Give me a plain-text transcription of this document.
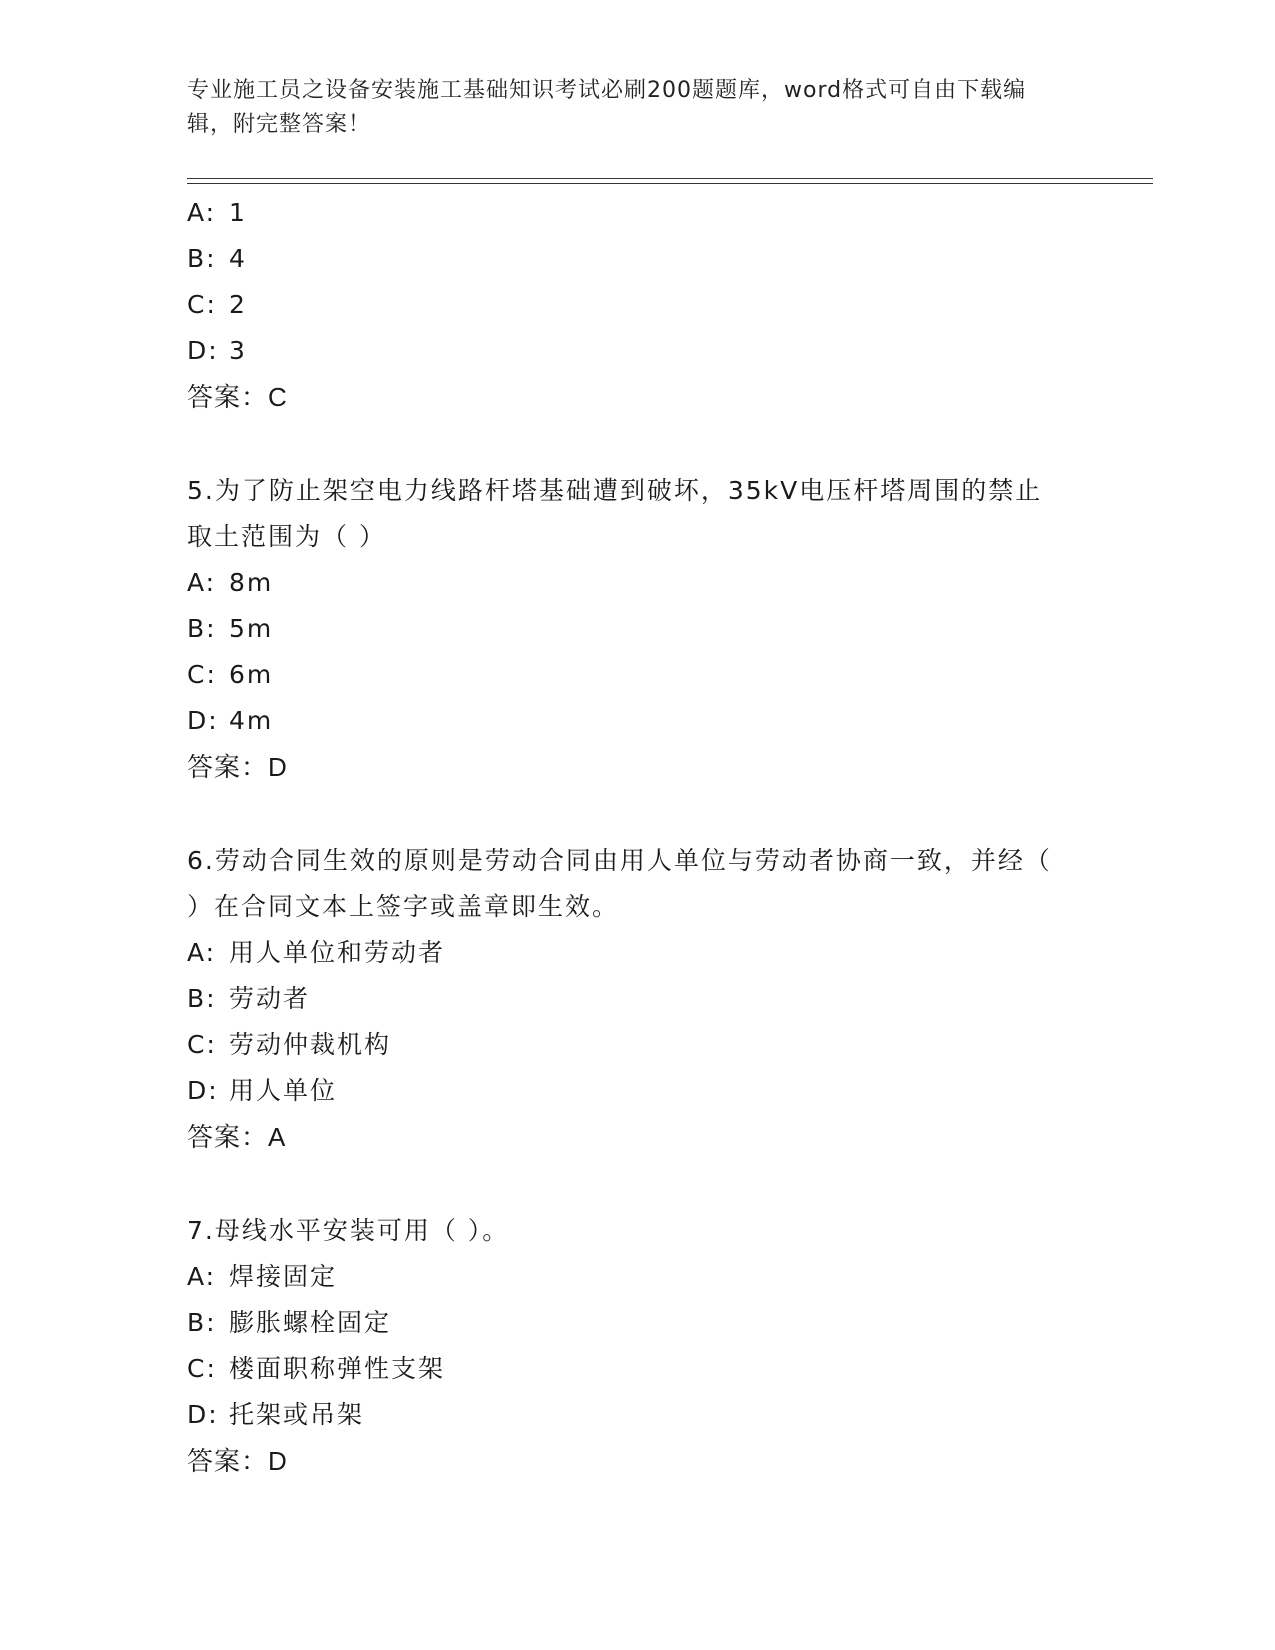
专业施工员之设备安装施工基础知识考试必刷200题题库，word格式可自由下载编辑，附完整答案！

A: 1

B: 4

C: 2

D: 3

答案：C

5.为了防止架空电力线路杆塔基础遭到破坏，35kV电压杆塔周围的禁止取土范围为（ ）

A: 8m

B: 5m

C: 6m

D: 4m

答案：D

6.劳动合同生效的原则是劳动合同由用人单位与劳动者协商一致，并经（ ）在合同文本上签字或盖章即生效。

A: 用人单位和劳动者

B: 劳动者

C: 劳动仲裁机构

D: 用人单位

答案：A

7.母线水平安装可用（ ）。

A: 焊接固定

B: 膨胀螺栓固定

C: 楼面职称弹性支架

D: 托架或吊架

答案：D
